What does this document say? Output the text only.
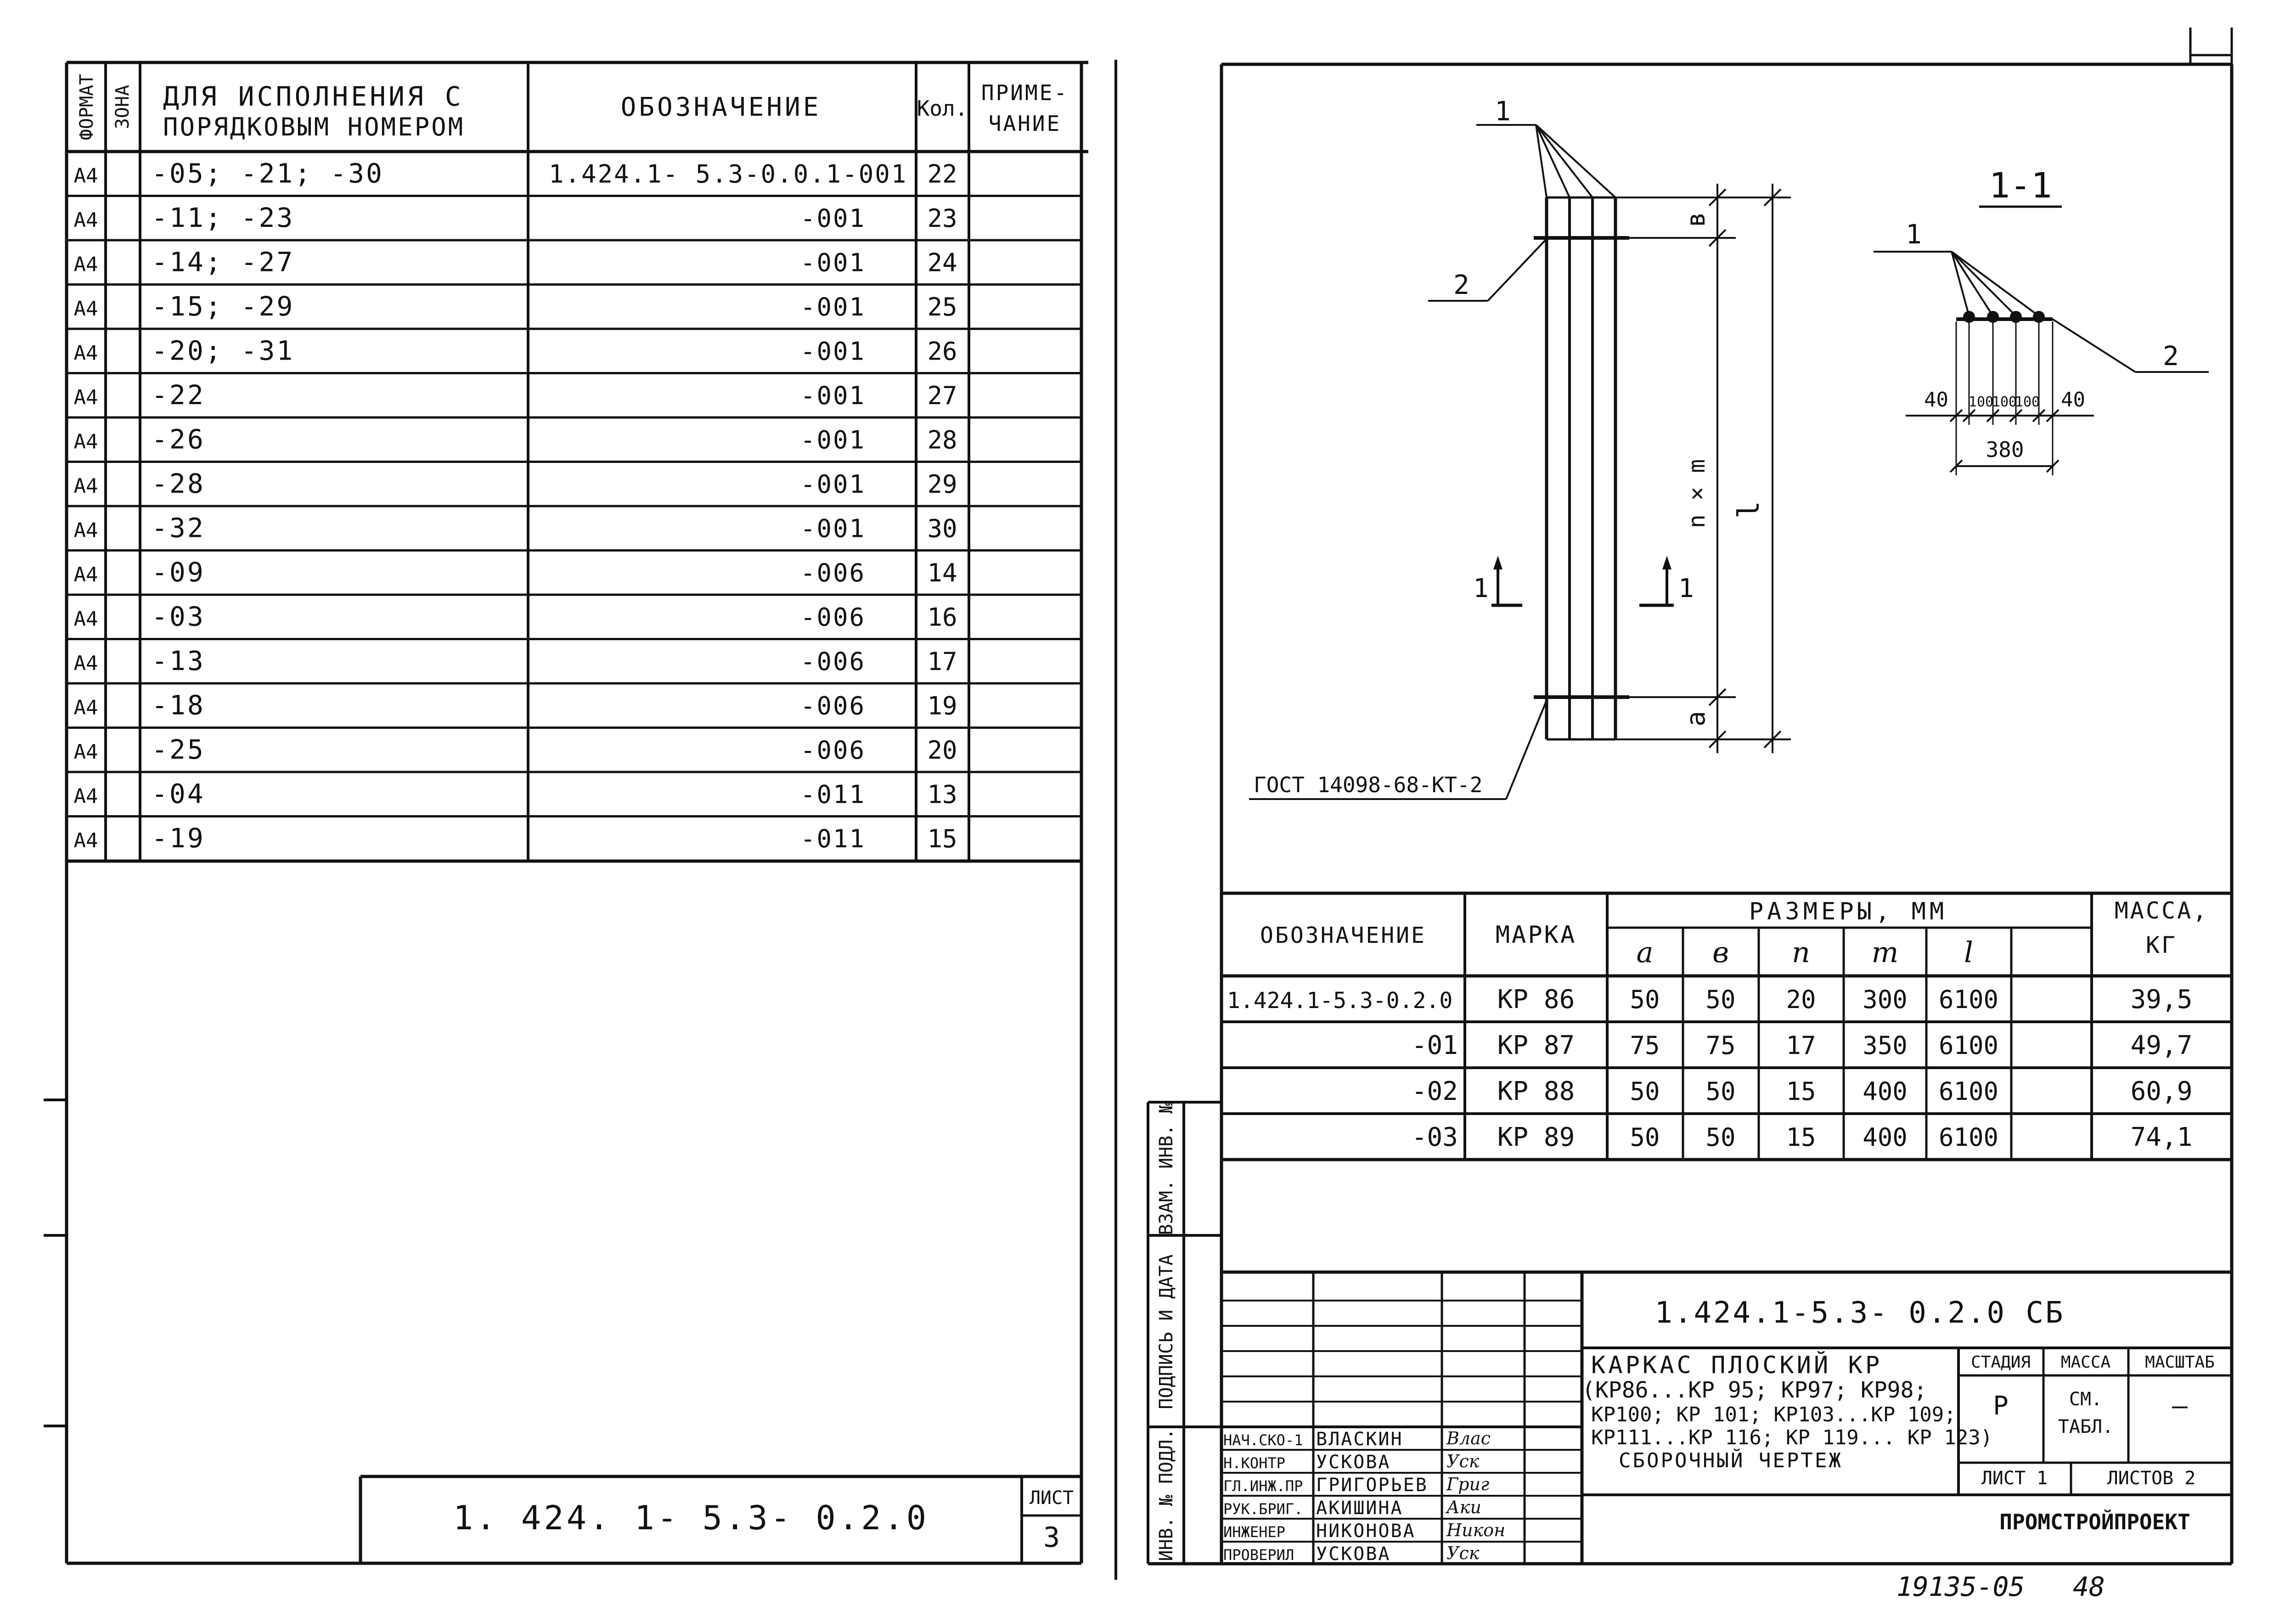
ФОРМАТ ЗОНА ДЛЯ ИСПОЛНЕНИЯ С
ПОРЯДКОВЫМ НОМЕРОМ
ОБОЗНАЧЕНИЕ	Кол.
ПРИМЕ-
ЧАНИЕ
А4 -05; -21; -30	1.424.1- 5.3-0.0.1-001 22
А4 -11; -23	-001 23
А4 -14; -27	-001 24
А4 -15; -29	-001 25
А4 -20; -31	-001 26
А4 -22	-001 27
А4 -26	-001 28
А4 -28	-001 29
А4 -32	-001 30
А4 -09	-006 14
А4 -03	-006 16
А4 -13	-006 17
А4 -18	-006 19
А4 -25	-006 20
А4 -04	-011 13
А4 -19	-011 15
1. 424. 1- 5.3- 0.2.0
ЛИСТ
3
1
2
в
n × m l
a
1	1
ГОСТ 14098-68-КТ-2
1-1
1
2
40 100
100
100 40
380
ОБОЗНАЧЕНИЕ	МАРКА
РАЗМЕРЫ, ММ	МАССА,
КГ
a в n m l
1.424.1-5.3-0.2.0 КР 86 50 50 20 300 6100	39,5
-01 КР 87 75 75 17 350 6100	49,7
-02 КР 88 50 50 15 400 6100	60,9
-03 КР 89 50 50 15 400 6100	74,1
1.424.1-5.3- 0.2.0 СБ
КАРКАС ПЛОСКИЙ КР
(КР86...КР 95; КР97; КР98;
КР100; КР 101; КР103...КР 109;
КР111...КР 116; КР 119... КР 123)
СБОРОЧНЫЙ ЧЕРТЕЖ
СТАДИЯ МАССА МАСШТАБ
Р	СМ.
ТАБЛ.
—
ЛИСТ 1	ЛИСТОВ 2
ПРОМСТРОЙПРОЕКТ
НАЧ.СКО-1 ВЛАСКИН Влас
Н.КОНТР УСКОВА	Уск
ГЛ.ИНЖ.ПР ГРИГОРЬЕВ Григ
РУК.БРИГ. АКИШИНА Аки
ИНЖЕНЕР НИКОНОВА Никон
ПРОВЕРИЛ УСКОВА	Уск
ИНВ. № ПОДЛ.
ПОДПИСЬ И ДАТА
ВЗАМ. ИНВ. №
19135-05   48
